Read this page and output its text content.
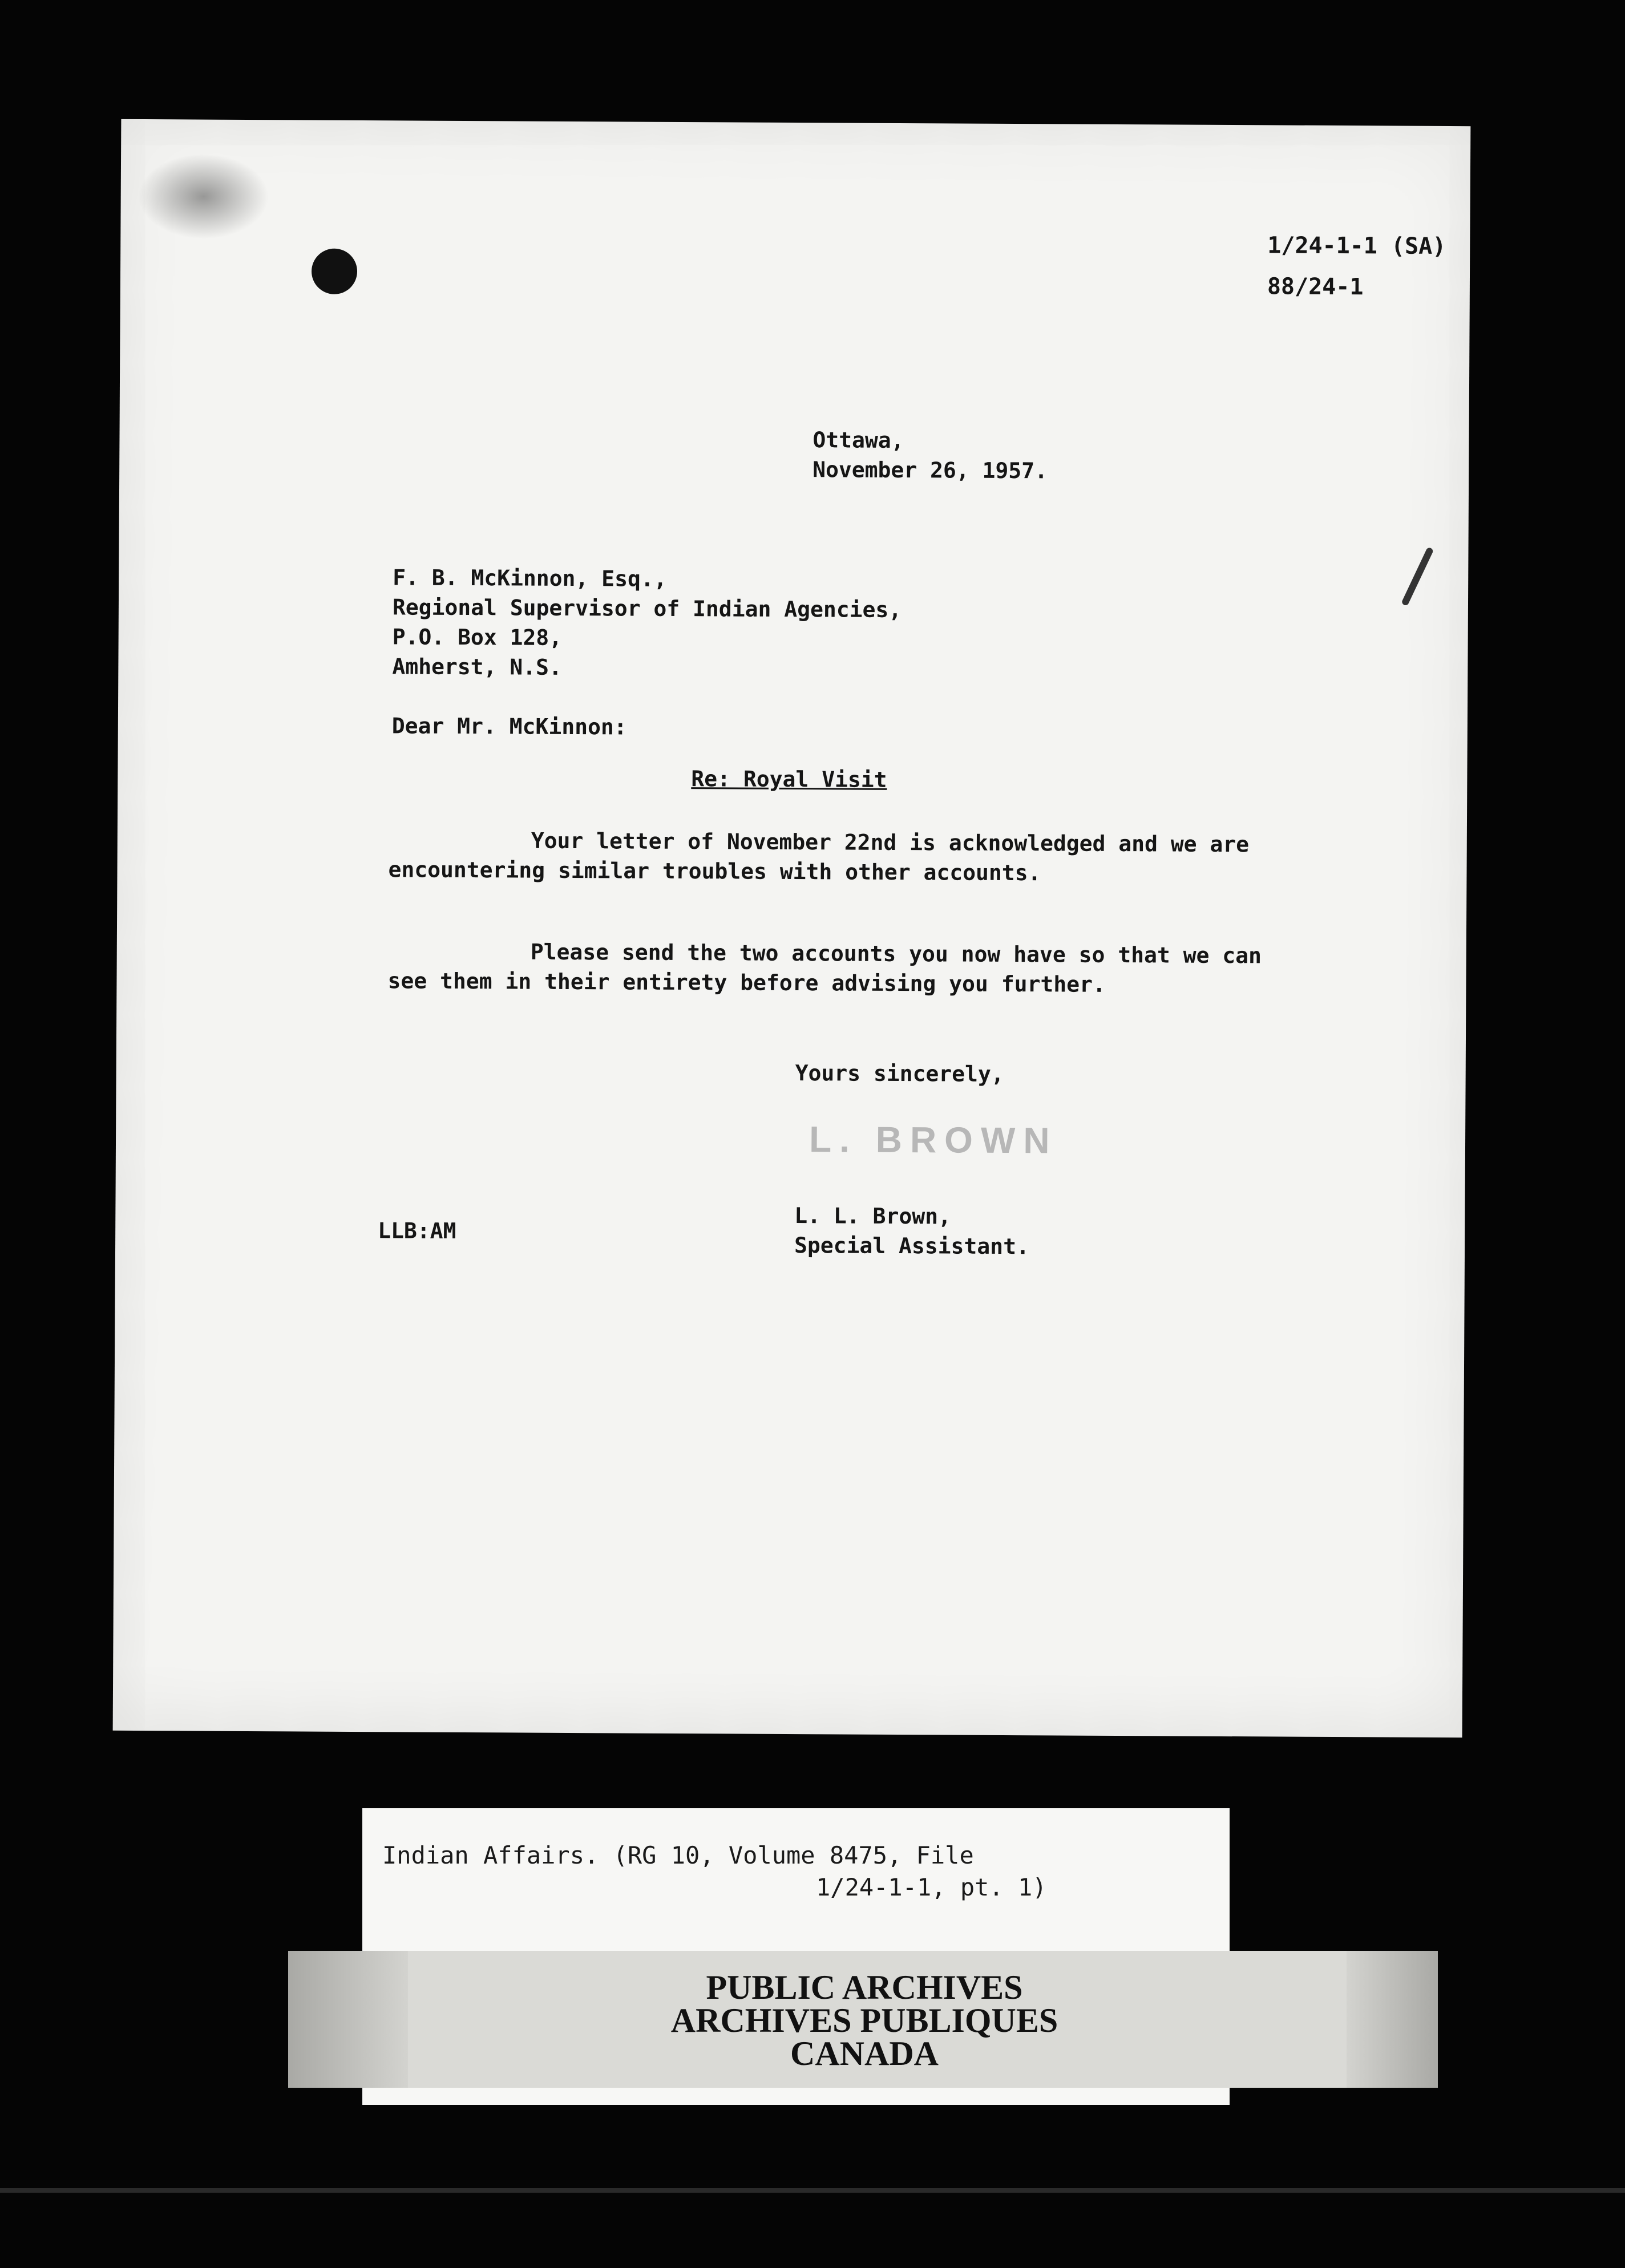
1/24-1-1 (SA)
88/24-1
Ottawa,
November 26, 1957.
F. B. McKinnon, Esq.,
Regional Supervisor of Indian Agencies,
P.O. Box 128,
Amherst, N.S.
Dear Mr. McKinnon:
Re: Royal Visit
Your letter of November 22nd is acknowledged and we are encountering similar troubles with other accounts.
Please send the two accounts you now have so that we can see them in their entirety before advising you further.
Yours sincerely,
L. BROWN
LLB:AM
L. L. Brown,
Special Assistant.
Indian Affairs. (RG 10, Volume 8475, File
1/24-1-1, pt. 1)
PUBLIC ARCHIVES
ARCHIVES PUBLIQUES
CANADA
